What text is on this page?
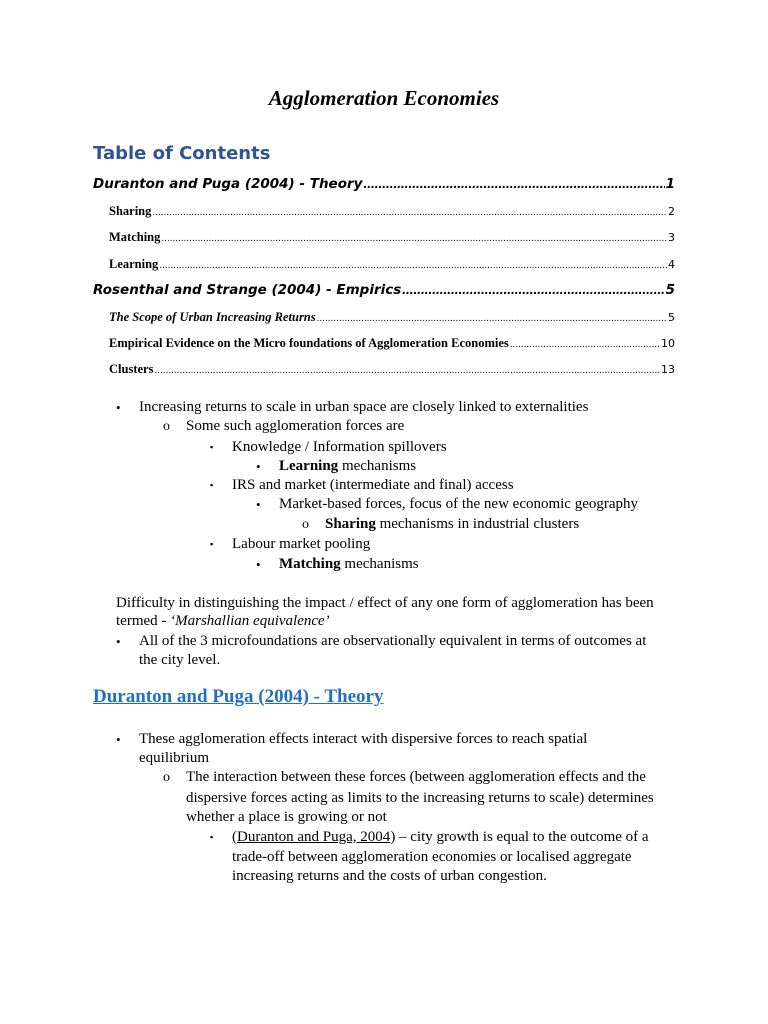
Agglomeration Economies
Table of Contents
Duranton and Puga (2004) - Theory .....	1
Sharing .....	2
Matching .....	3
Learning .....	4
Rosenthal and Strange (2004) - Empirics .....	5
The Scope of Urban Increasing Returns .....	5
Empirical Evidence on the Micro foundations of Agglomeration Economies .....	10
Clusters .....	13
• Increasing returns to scale in urban space are closely linked to externalities
o Some such agglomeration forces are
▪ Knowledge / Information spillovers
• Learning mechanisms
▪ IRS and market (intermediate and final) access
• Market-based forces, focus of the new economic geography
o Sharing mechanisms in industrial clusters
▪ Labour market pooling
• Matching mechanisms
Difficulty in distinguishing the impact / effect of any one form of agglomeration has been
termed - ‘Marshallian equivalence’
• All of the 3 microfoundations are observationally equivalent in terms of outcomes at
the city level.
Duranton and Puga (2004) - Theory
• These agglomeration effects interact with dispersive forces to reach spatial
equilibrium
o The interaction between these forces (between agglomeration effects and the
dispersive forces acting as limits to the increasing returns to scale) determines
whether a place is growing or not
▪ (Duranton and Puga, 2004) – city growth is equal to the outcome of a
trade-off between agglomeration economies or localised aggregate
increasing returns and the costs of urban congestion.
